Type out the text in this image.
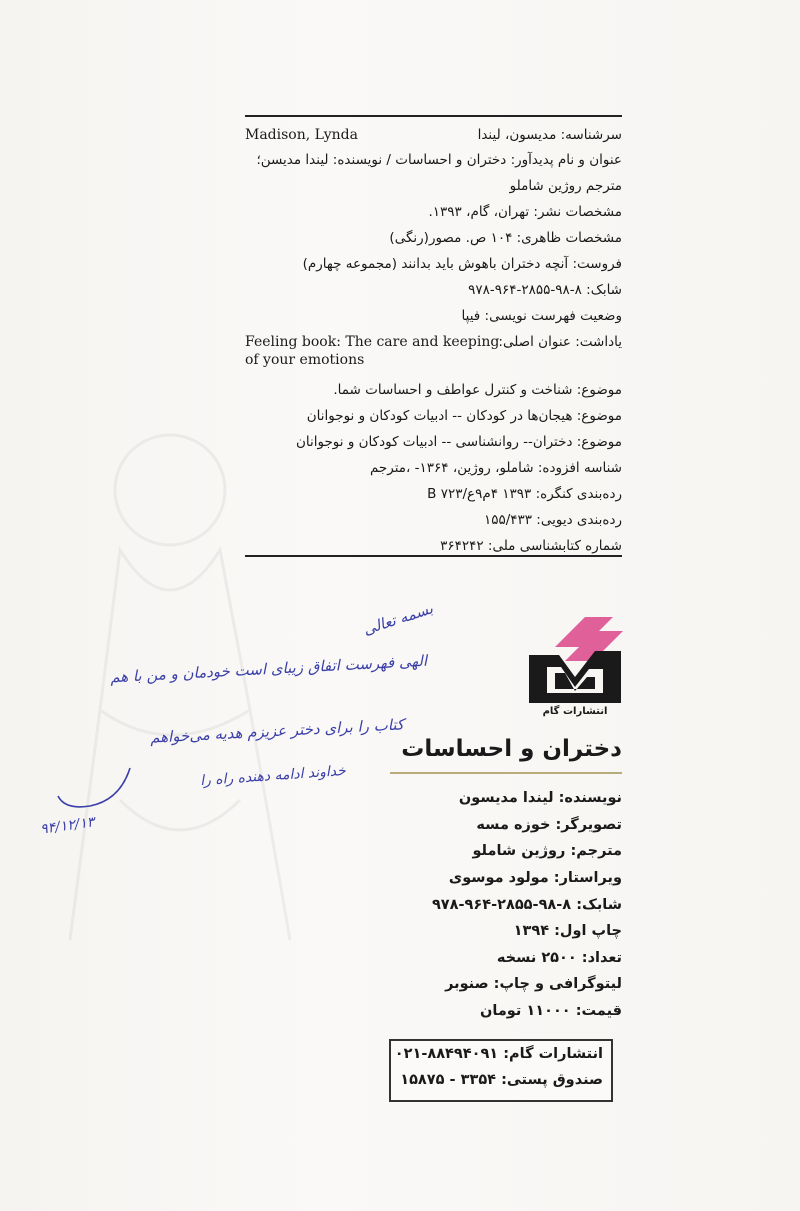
سرشناسه: مدیسون، لیندا
Madison, Lynda
عنوان و نام پدیدآور: دختران و احساسات / نویسنده: لیندا مدیسن؛
مترجم روژین شاملو
مشخصات نشر: تهران، گام، ۱۳۹۳.
مشخصات ظاهری: ۱۰۴ ص. مصور(رنگی)
فروست: آنچه دختران باهوش باید بدانند (مجموعه چهارم)
شابک: ۸-۹۸-۲۸۵۵-۹۶۴-۹۷۸
وضعیت فهرست نویسی: فیپا
یاداشت: عنوان اصلی:
Feeling book: The care and keeping
of your emotions
موضوع: شناخت و کنترل عواطف و احساسات شما.
موضوع: هیجان‌ها در کودکان -- ادبیات کودکان و نوجوانان
موضوع: دختران-- روانشناسی -- ادبیات کودکان و نوجوانان
شناسه افزوده: شاملو، روژین، ۱۳۶۴- ،مترجم
رده‌بندی کنگره: ۱۳۹۳ ۴م۹ع/۷۲۳ B
رده‌بندی دیویی: ۱۵۵/۴۳۳
شماره کتابشناسی ملی: ۳۶۴۲۴۲
انتشارات گام
دختران و احساسات
نویسنده: لیندا مدیسون
تصویرگر: خوزه مسه
مترجم: روژین شاملو
ویراستار: مولود موسوی
شابک: ۸-۹۸-۲۸۵۵-۹۶۴-۹۷۸
چاپ اول: ۱۳۹۴
تعداد: ۲۵۰۰ نسخه
لیتوگرافی و چاپ: صنوبر
قیمت: ۱۱۰۰۰ تومان
انتشارات گام: ۸۸۴۹۴۰۹۱-۰۲۱
صندوق پستی: ۳۳۵۴ - ۱۵۸۷۵
بسمه تعالی
الهی فهرست اتفاق زیبای است خودمان و من با هم
کتاب را برای دختر عزیزم هدیه می‌خواهم
خداوند ادامه دهنده راه را
۹۴/۱۲/۱۳
